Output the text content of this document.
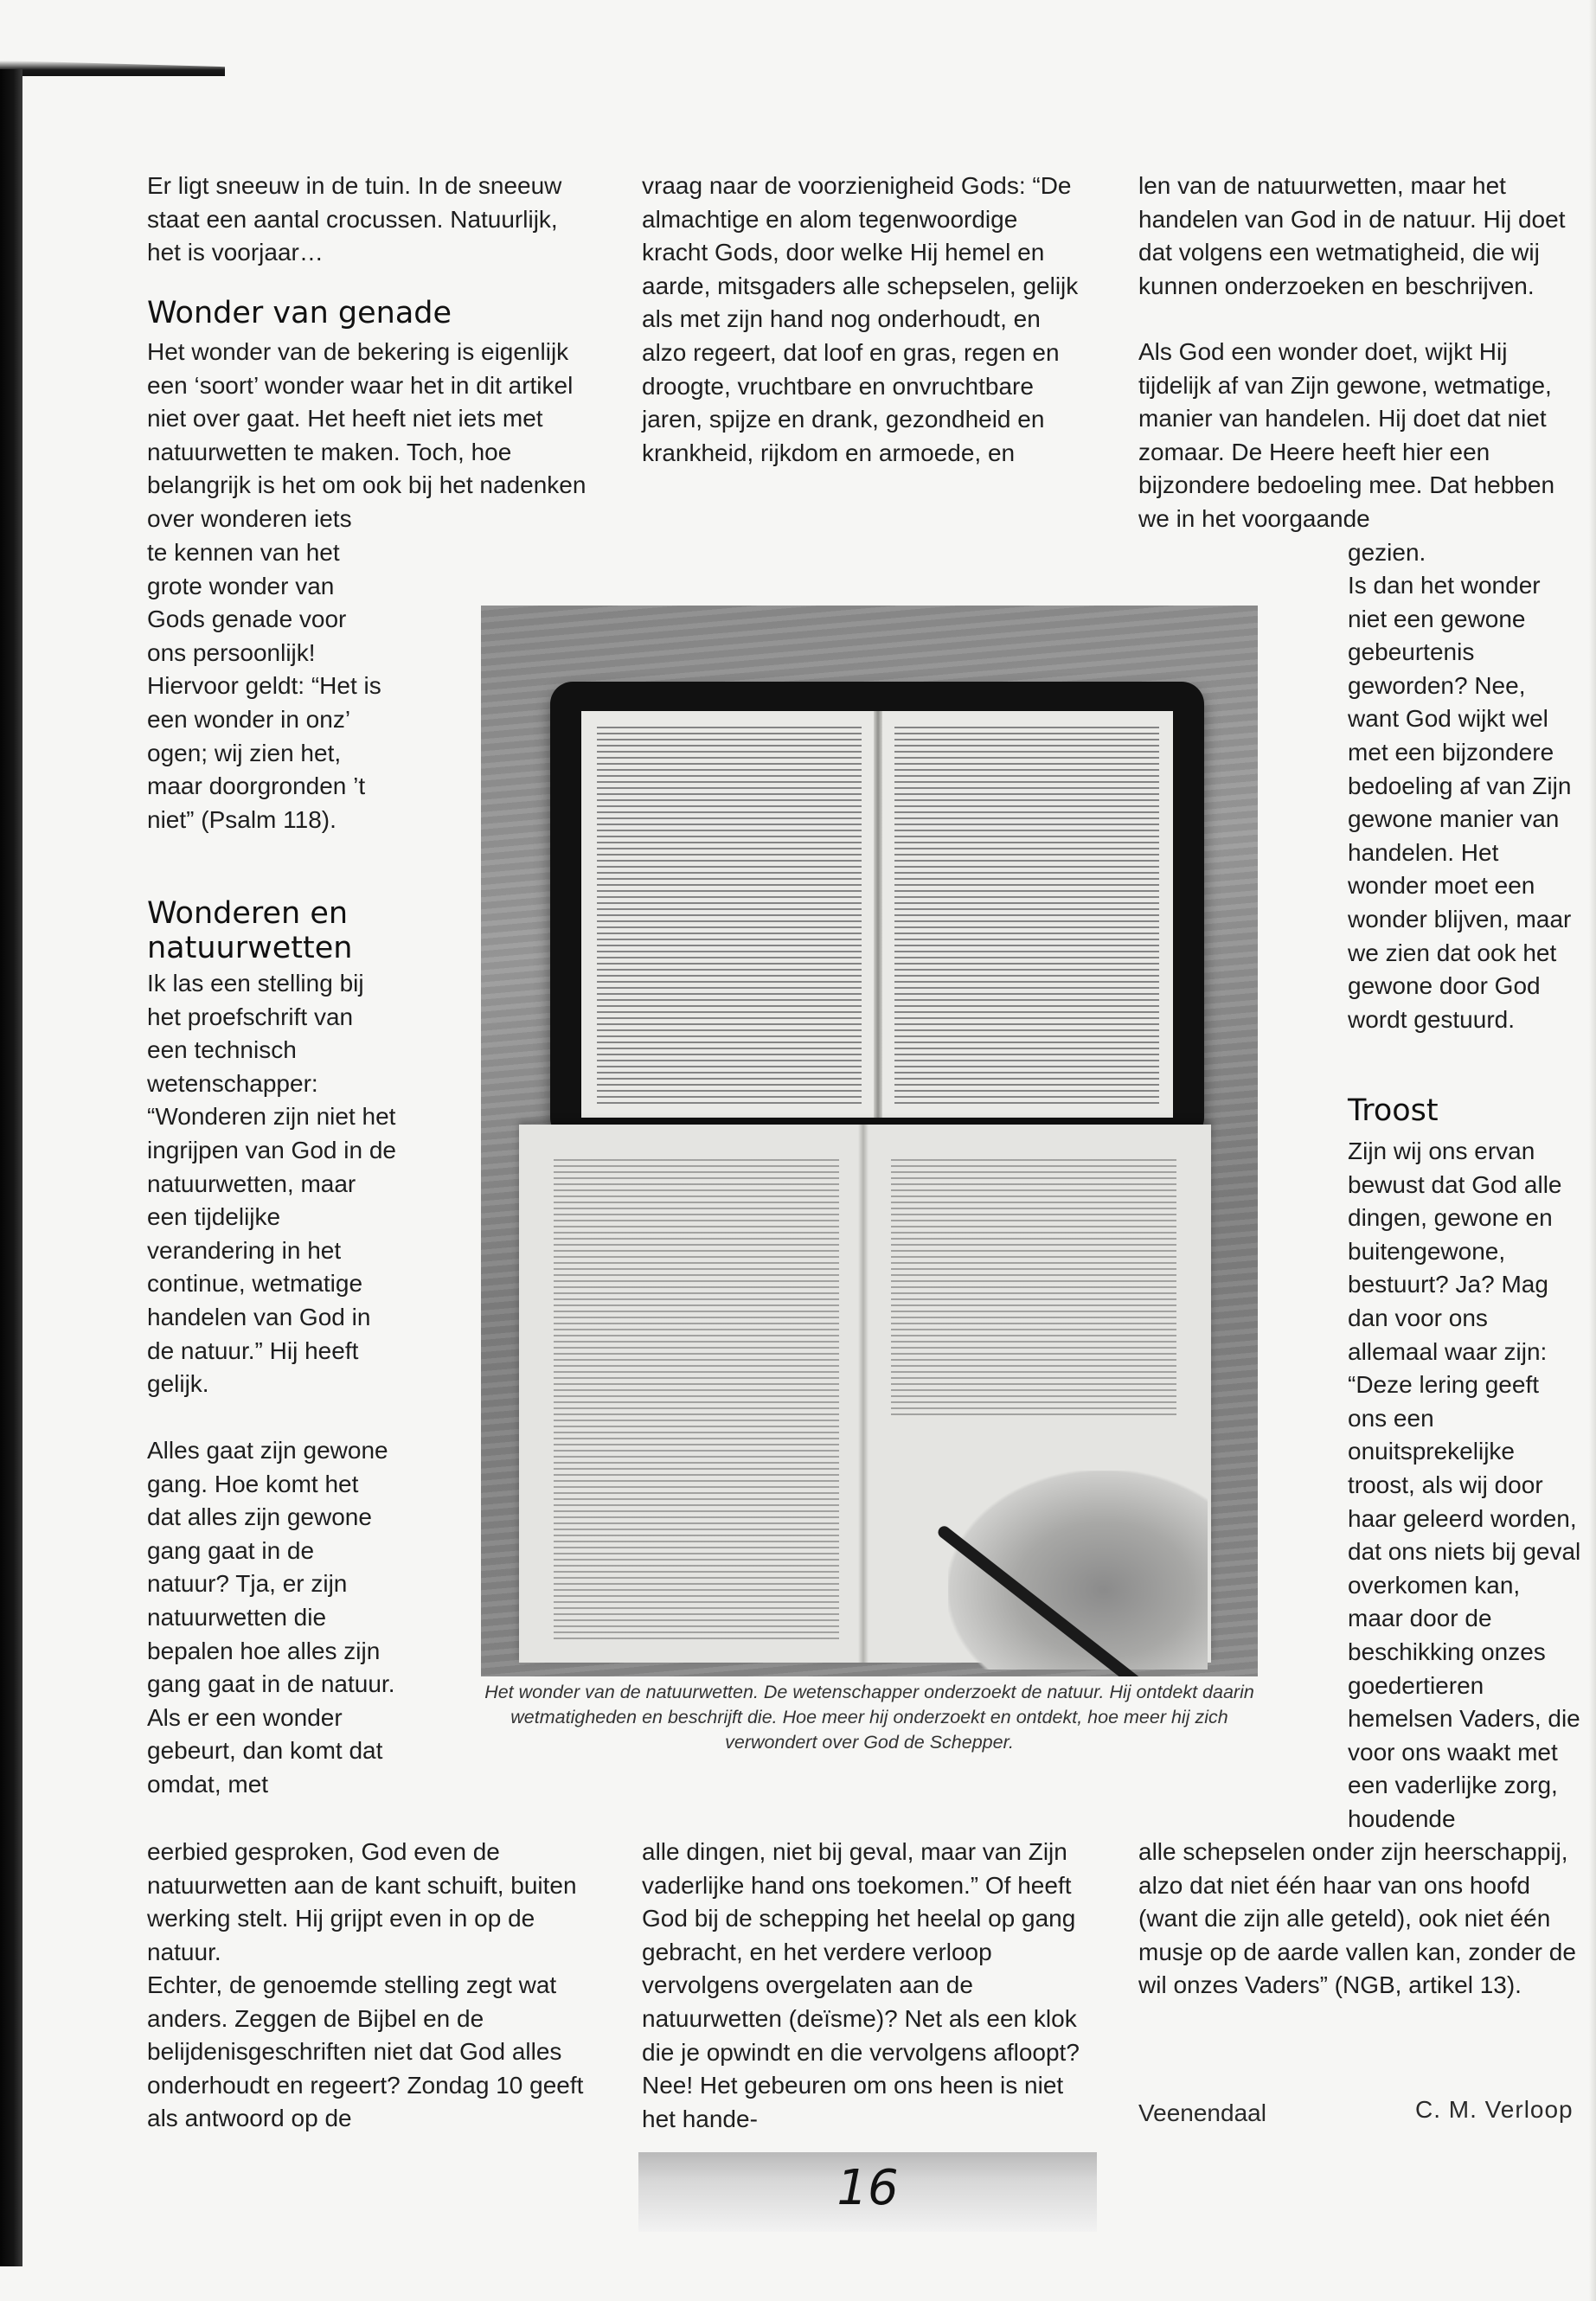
Er ligt sneeuw in de tuin. In de sneeuw staat een aantal crocussen. Natuurlijk, het is voorjaar…
Wonder van genade
Het wonder van de bekering is eigenlijk een ‘soort’ wonder waar het in dit artikel niet over gaat. Het heeft niet iets met natuurwetten te maken. Toch, hoe belangrijk is het om ook bij het nadenken over wonderen iets
te kennen van het grote wonder van Gods genade voor ons persoonlijk! Hiervoor geldt: “Het is een wonder in onz’ ogen; wij zien het, maar doorgronden ’t niet” (Psalm 118).
Wonderen en natuurwetten
Ik las een stelling bij het proefschrift van een technisch wetenschapper: “Wonderen zijn niet het ingrijpen van God in de natuurwetten, maar een tijdelijke verandering in het continue, wetmatige handelen van God in de natuur.” Hij heeft gelijk.
Alles gaat zijn gewone gang. Hoe komt het dat alles zijn gewone gang gaat in de natuur? Tja, er zijn natuurwetten die bepalen hoe alles zijn gang gaat in de natuur. Als er een wonder gebeurt, dan komt dat omdat, met
eerbied gesproken, God even de natuurwetten aan de kant schuift, buiten werking stelt. Hij grijpt even in op de natuur.
Echter, de genoemde stelling zegt wat anders. Zeggen de Bijbel en de belijdenisgeschriften niet dat God alles onderhoudt en regeert? Zondag 10 geeft als antwoord op de
vraag naar de voorzienigheid Gods: “De almachtige en alom tegenwoordige kracht Gods, door welke Hij hemel en aarde, mitsgaders alle schepselen, gelijk als met zijn hand nog onderhoudt, en alzo regeert, dat loof en gras, regen en droogte, vruchtbare en onvruchtbare jaren, spijze en drank, gezondheid en krankheid, rijkdom en armoede, en
alle dingen, niet bij geval, maar van Zijn vaderlijke hand ons toekomen.” Of heeft God bij de schepping het heelal op gang gebracht, en het verdere verloop vervolgens overgelaten aan de natuurwetten (deïsme)? Net als een klok die je opwindt en die vervolgens afloopt? Nee! Het gebeuren om ons heen is niet het hande-
len van de natuurwetten, maar het handelen van God in de natuur. Hij doet dat volgens een wetmatigheid, die wij kunnen onderzoeken en beschrijven.
Als God een wonder doet, wijkt Hij tijdelijk af van Zijn gewone, wetmatige, manier van handelen. Hij doet dat niet zomaar. De Heere heeft hier een bijzondere bedoeling mee. Dat hebben we in het voorgaande
gezien.
Is dan het wonder niet een gewone gebeurtenis geworden? Nee, want God wijkt wel met een bijzondere bedoeling af van Zijn gewone manier van handelen. Het wonder moet een wonder blijven, maar we zien dat ook het gewone door God wordt gestuurd.
Troost
Zijn wij ons ervan bewust dat God alle dingen, gewone en buitengewone, bestuurt? Ja? Mag dan voor ons allemaal waar zijn: “Deze lering geeft ons een onuitsprekelijke troost, als wij door haar geleerd worden, dat ons niets bij geval overkomen kan, maar door de beschikking onzes goedertieren hemelsen Vaders, die voor ons waakt met een vaderlijke zorg, houdende
alle schepselen onder zijn heerschappij, alzo dat niet één haar van ons hoofd (want die zijn alle geteld), ook niet één musje op de aarde vallen kan, zonder de wil onzes Vaders” (NGB, artikel 13).
Het wonder van de natuurwetten. De wetenschapper onderzoekt de natuur. Hij ontdekt daarin wetmatigheden en beschrijft die. Hoe meer hij onderzoekt en ontdekt, hoe meer hij zich verwondert over God de Schepper.
Veenendaal	C. M. Verloop
16
